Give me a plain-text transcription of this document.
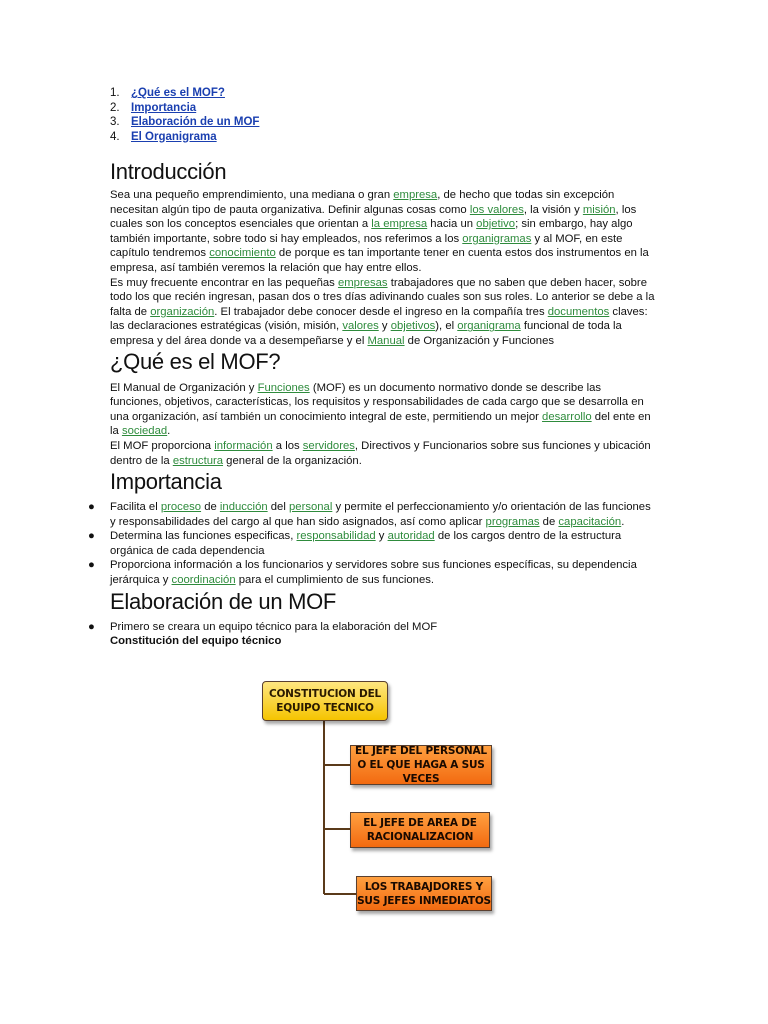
1. ¿Qué es el MOF?
2. Importancia
3. Elaboración de un MOF
4. El Organigrama
Introducción

Sea una pequeño emprendimiento, una mediana o gran empresa, de hecho que todas sin excepción necesitan algún tipo de pauta organizativa. Definir algunas cosas como los valores, la visión y misión, los cuales son los conceptos esenciales que orientan a la empresa hacia un objetivo; sin embargo, hay algo también importante, sobre todo si hay empleados, nos referimos a los organigramas y al MOF, en este capítulo tendremos conocimiento de porque es tan importante tener en cuenta estos dos instrumentos en la empresa, así también veremos la relación que hay entre ellos.

Es muy frecuente encontrar en las pequeñas empresas trabajadores que no saben que deben hacer, sobre todo los que recién ingresan, pasan dos o tres días adivinando cuales son sus roles. Lo anterior se debe a la falta de organización. El trabajador debe conocer desde el ingreso en la compañía tres documentos claves: las declaraciones estratégicas (visión, misión, valores y objetivos), el organigrama funcional de toda la empresa y del área donde va a desempeñarse y el Manual de Organización y Funciones

¿Qué es el MOF?

El Manual de Organización y Funciones (MOF) es un documento normativo donde se describe las funciones, objetivos, características, los requisitos y responsabilidades de cada cargo que se desarrolla en una organización, así también un conocimiento integral de este, permitiendo un mejor desarrollo del ente en la sociedad.

El MOF proporciona información a los servidores, Directivos y Funcionarios sobre sus funciones y ubicación dentro de la estructura general de la organización.

Importancia
● Facilita el proceso de inducción del personal y permite el perfeccionamiento y/o orientación de las funciones y responsabilidades del cargo al que han sido asignados, así como aplicar programas de capacitación.
● Determina las funciones especificas, responsabilidad y autoridad de los cargos dentro de la estructura orgánica de cada dependencia
● Proporciona información a los funcionarios y servidores sobre sus funciones específicas, su dependencia jerárquica y coordinación para el cumplimiento de sus funciones.
Elaboración de un MOF
● Primero se creara un equipo técnico para la elaboración del MOF
Constitución del equipo técnico
CONSTITUCION DEL EQUIPO TECNICO
EL JEFE DEL PERSONAL O EL QUE HAGA A SUS VECES
EL JEFE DE AREA DE RACIONALIZACION
LOS TRABAJDORES Y SUS JEFES INMEDIATOS
